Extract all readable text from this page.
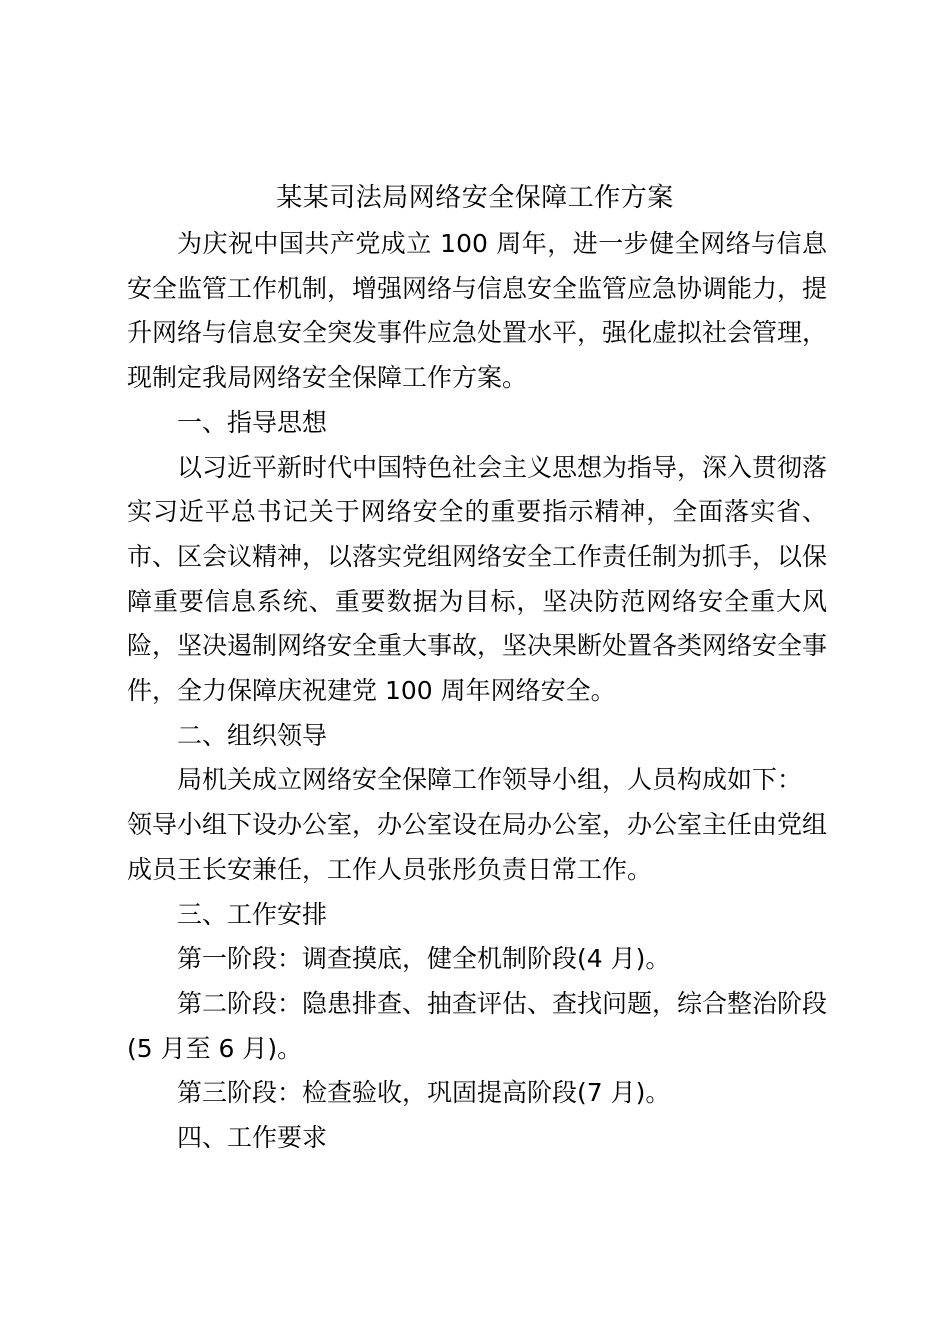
某某司法局网络安全保障工作方案

为庆祝中国共产党成立 100 周年，进一步健全网络与信息安全监管工作机制，增强网络与信息安全监管应急协调能力，提升网络与信息安全突发事件应急处置水平，强化虚拟社会管理，现制定我局网络安全保障工作方案。

一、指导思想

以习近平新时代中国特色社会主义思想为指导，深入贯彻落实习近平总书记关于网络安全的重要指示精神，全面落实省、市、区会议精神，以落实党组网络安全工作责任制为抓手，以保障重要信息系统、重要数据为目标，坚决防范网络安全重大风险，坚决遏制网络安全重大事故，坚决果断处置各类网络安全事件，全力保障庆祝建党 100 周年网络安全。

二、组织领导

局机关成立网络安全保障工作领导小组，人员构成如下：

领导小组下设办公室，办公室设在局办公室，办公室主任由党组成员王长安兼任，工作人员张彤负责日常工作。

三、工作安排

第一阶段：调查摸底，健全机制阶段(4 月)。

第二阶段：隐患排查、抽查评估、查找问题，综合整治阶段(5 月至 6 月)。

第三阶段：检查验收，巩固提高阶段(7 月)。

四、工作要求
